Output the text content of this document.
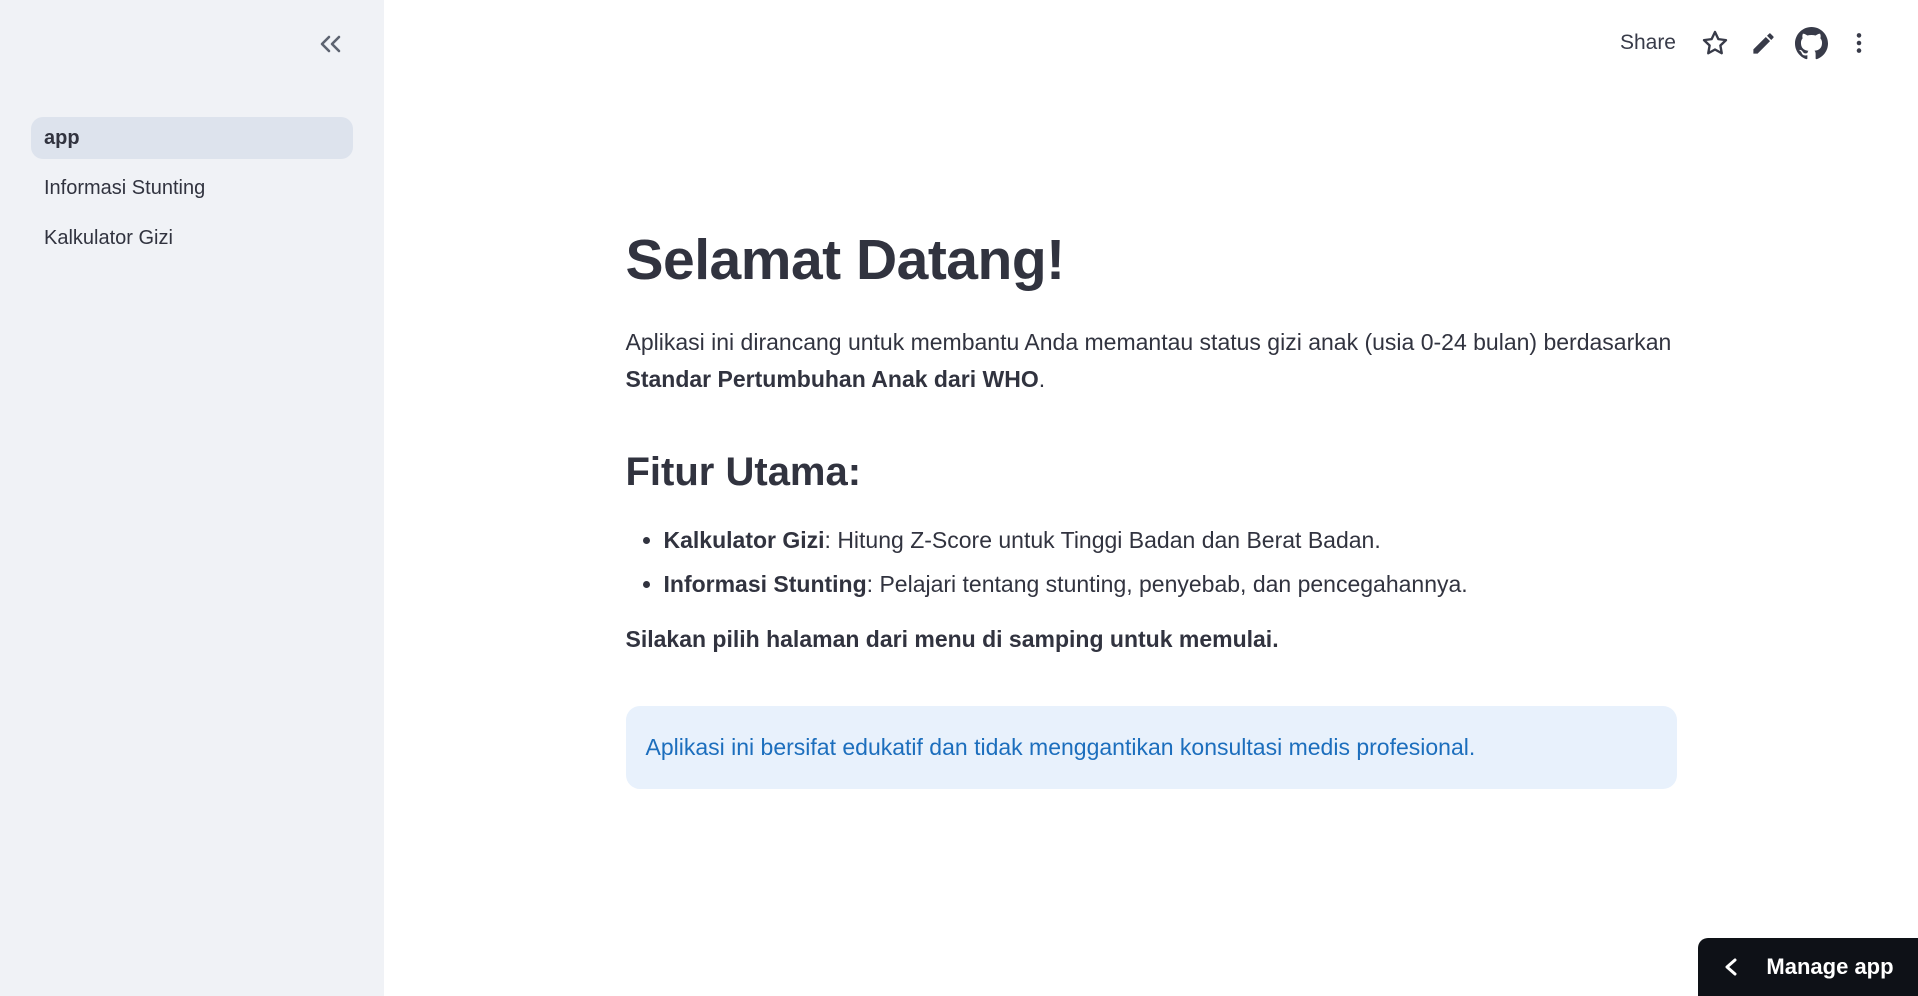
app
Informasi Stunting
Kalkulator Gizi
Share
Selamat Datang!

Aplikasi ini dirancang untuk membantu Anda memantau status gizi anak (usia 0-24 bulan) berdasarkan Standar Pertumbuhan Anak dari WHO.

Fitur Utama:
• Kalkulator Gizi: Hitung Z-Score untuk Tinggi Badan dan Berat Badan.
• Informasi Stunting: Pelajari tentang stunting, penyebab, dan pencegahannya.

Silakan pilih halaman dari menu di samping untuk memulai.

Aplikasi ini bersifat edukatif dan tidak menggantikan konsultasi medis profesional.
Manage app
